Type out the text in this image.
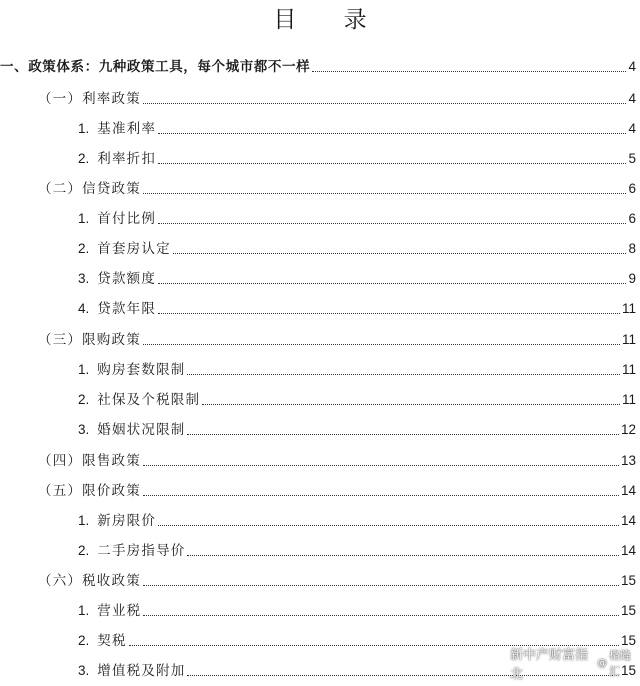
目 录
一、政策体系：九种政策工具，每个城市都不一样	4
（一）利率政策	4
1. 基准利率	4
2. 利率折扣	5
（二）信贷政策	6
1. 首付比例	6
2. 首套房认定	8
3. 贷款额度	9
4. 贷款年限	11
（三）限购政策	11
1. 购房套数限制	11
2. 社保及个税限制	11
3. 婚姻状况限制	12
（四）限售政策	13
（五）限价政策	14
1. 新房限价	14
2. 二手房指导价	14
（六）税收政策	15
1. 营业税	15
2. 契税	15
3. 增值税及附加	15
新中产财富指北
@
格隆汇
